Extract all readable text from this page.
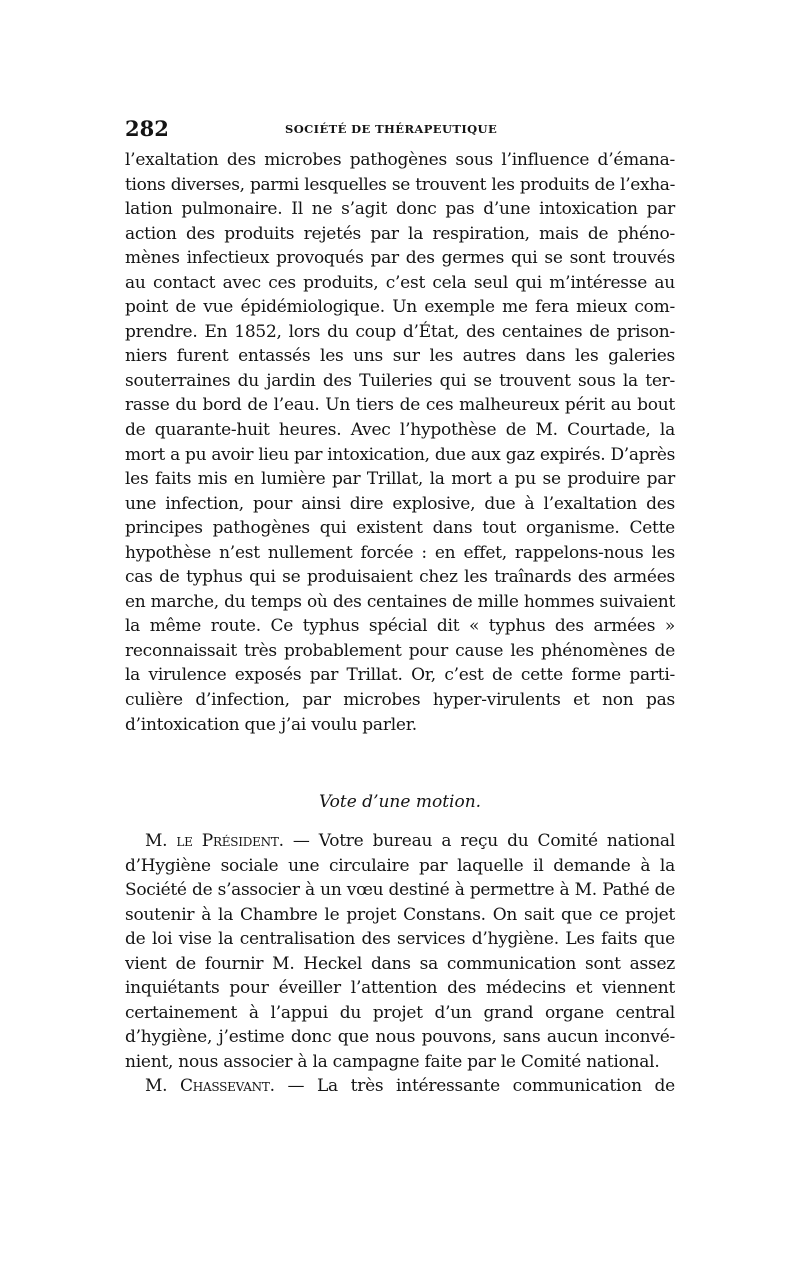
282	SOCIÉTÉ DE THÉRAPEUTIQUE
l’exaltation des microbes pathogènes sous l’influence d’émana-
tions diverses, parmi lesquelles se trouvent les produits de l’exha-
lation pulmonaire. Il ne s’agit donc pas d’une intoxication par
action des produits rejetés par la respiration, mais de phéno-
mènes infectieux provoqués par des germes qui se sont trouvés
au contact avec ces produits, c’est cela seul qui m’intéresse au
point de vue épidémiologique. Un exemple me fera mieux com-
prendre. En 1852, lors du coup d’État, des centaines de prison-
niers furent entassés les uns sur les autres dans les galeries
souterraines du jardin des Tuileries qui se trouvent sous la ter-
rasse du bord de l’eau. Un tiers de ces malheureux périt au bout
de quarante-huit heures. Avec l’hypothèse de M. Courtade, la
mort a pu avoir lieu par intoxication, due aux gaz expirés. D’après
les faits mis en lumière par Trillat, la mort a pu se produire par
une infection, pour ainsi dire explosive, due à l’exaltation des
principes pathogènes qui existent dans tout organisme. Cette
hypothèse n’est nullement forcée : en effet, rappelons-nous les
cas de typhus qui se produisaient chez les traînards des armées
en marche, du temps où des centaines de mille hommes suivaient
la même route. Ce typhus spécial dit « typhus des armées »
reconnaissait très probablement pour cause les phénomènes de
la virulence exposés par Trillat. Or, c’est de cette forme parti-
culière d’infection, par microbes hyper-virulents et non pas
d’intoxication que j’ai voulu parler.
Vote d’une motion.
M. le Président. — Votre bureau a reçu du Comité national
d’Hygiène sociale une circulaire par laquelle il demande à la
Société de s’associer à un vœu destiné à permettre à M. Pathé de
soutenir à la Chambre le projet Constans. On sait que ce projet
de loi vise la centralisation des services d’hygiène. Les faits que
vient de fournir M. Heckel dans sa communication sont assez
inquiétants pour éveiller l’attention des médecins et viennent
certainement à l’appui du projet d’un grand organe central
d’hygiène, j’estime donc que nous pouvons, sans aucun inconvé-
nient, nous associer à la campagne faite par le Comité national.
M. Chassevant. — La très intéressante communication de
